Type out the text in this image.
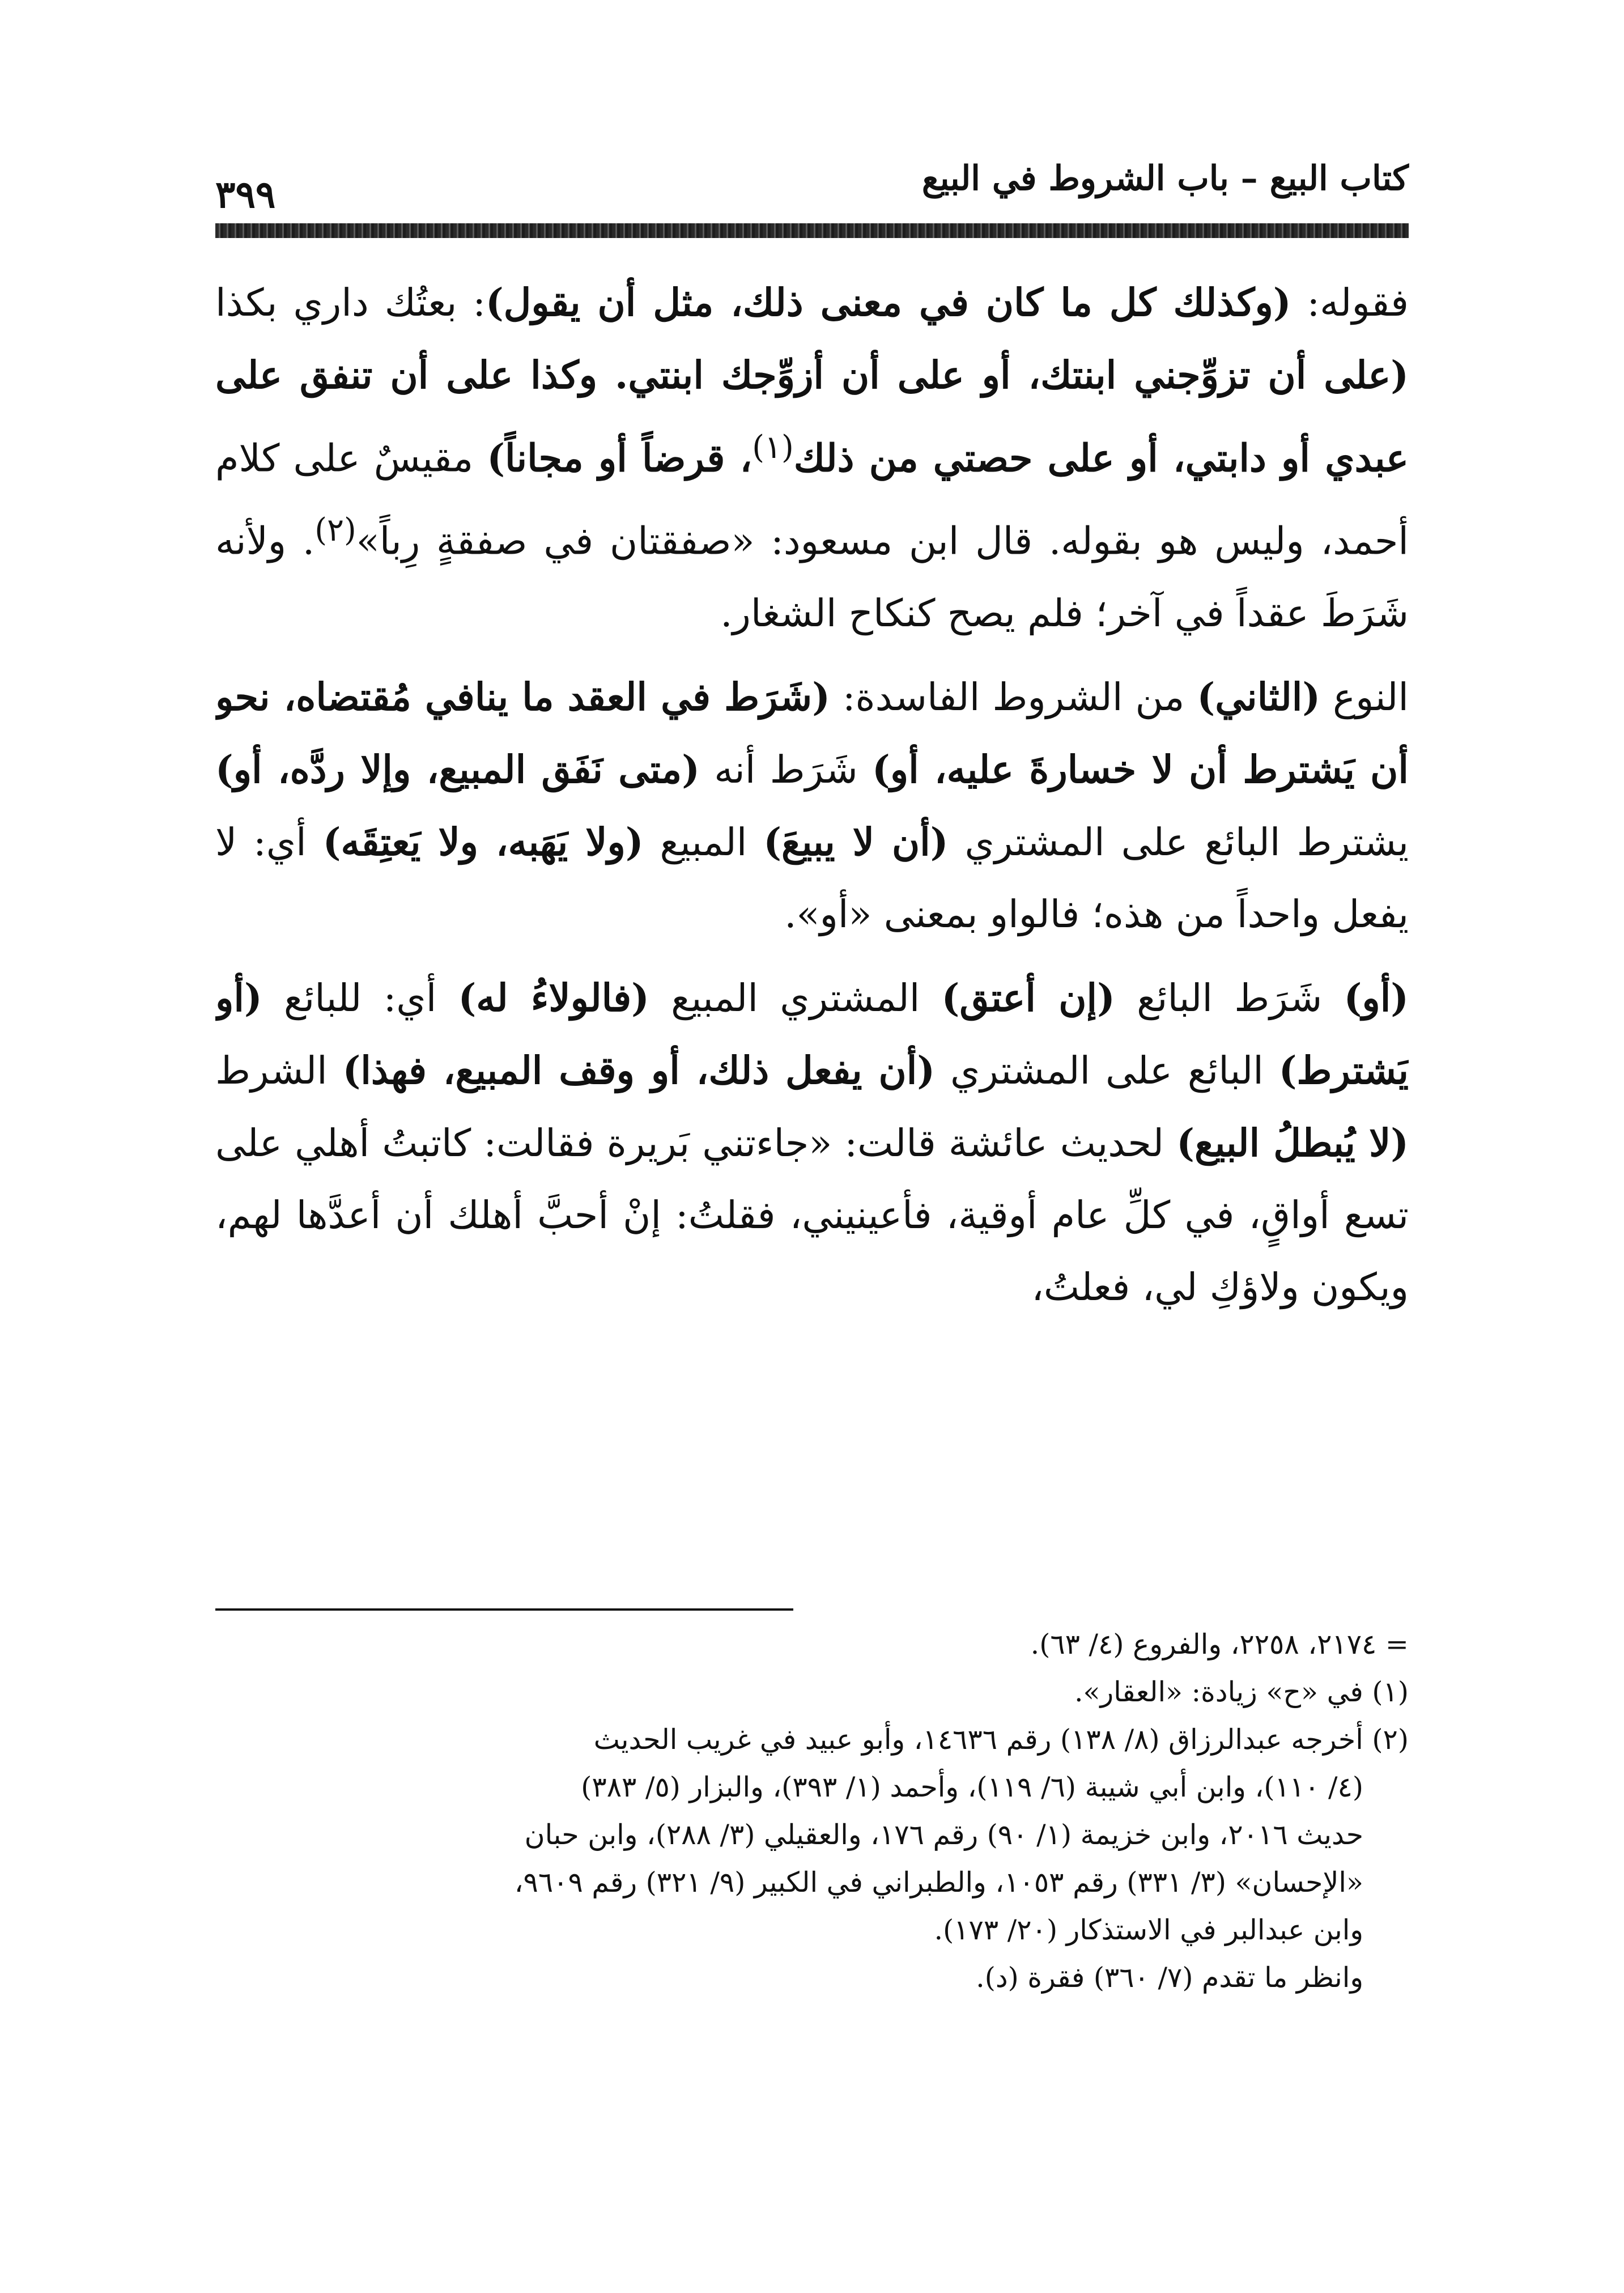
كتاب البيع – باب الشروط في البيع
٣٩٩

فقوله: (وكذلك كل ما كان في معنى ذلك، مثل أن يقول): بعتُك داري بكذا (على أن تزوِّجني ابنتك، أو على أن أزوِّجك ابنتي. وكذا على أن تنفق على عبدي أو دابتي، أو على حصتي من ذلك$^{(١)}$، قرضاً أو مجاناً) مقيسٌ على كلام أحمد، وليس هو بقوله. قال ابن مسعود: «صفقتان في صفقةٍ رِباً»$^{(٢)}$. ولأنه شَرَطَ عقداً في آخر؛ فلم يصح كنكاح الشغار.

النوع (الثاني) من الشروط الفاسدة: (شَرَط في العقد ما ينافي مُقتضاه، نحو أن يَشترط أن لا خسارةَ عليه، أو) شَرَط أنه (متى نَفَق المبيع، وإلا ردَّه، أو) يشترط البائع على المشتري (أن لا يبيعَ) المبيع (ولا يَهَبه، ولا يَعتِقَه) أي: لا يفعل واحداً من هذه؛ فالواو بمعنى «أو».

(أو) شَرَط البائع (إن أعتق) المشتري المبيع (فالولاءُ له) أي: للبائع (أو يَشترط) البائع على المشتري (أن يفعل ذلك، أو وقف المبيع، فهذا) الشرط (لا يُبطلُ البيع) لحديث عائشة قالت: «جاءتني بَريرة فقالت: كاتبتُ أهلي على تسع أواقٍ، في كلِّ عام أوقية، فأعينيني، فقلتُ: إنْ أحبَّ أهلك أن أعدَّها لهم، ويكون ولاؤكِ لي، فعلتُ،

= ٢١٧٤، ٢٢٥٨، والفروع (٤/ ٦٣).

(١) في «ح» زيادة: «العقار».

(٢) أخرجه عبدالرزاق (٨/ ١٣٨) رقم ١٤٦٣٦، وأبو عبيد في غريب الحديث

(٤/ ١١٠)، وابن أبي شيبة (٦/ ١١٩)، وأحمد (١/ ٣٩٣)، والبزار (٥/ ٣٨٣)

حديث ٢٠١٦، وابن خزيمة (١/ ٩٠) رقم ١٧٦، والعقيلي (٣/ ٢٨٨)، وابن حبان

«الإحسان» (٣/ ٣٣١) رقم ١٠٥٣، والطبراني في الكبير (٩/ ٣٢١) رقم ٩٦٠٩،

وابن عبدالبر في الاستذكار (٢٠/ ١٧٣).

وانظر ما تقدم (٧/ ٣٦٠) فقرة (د).
